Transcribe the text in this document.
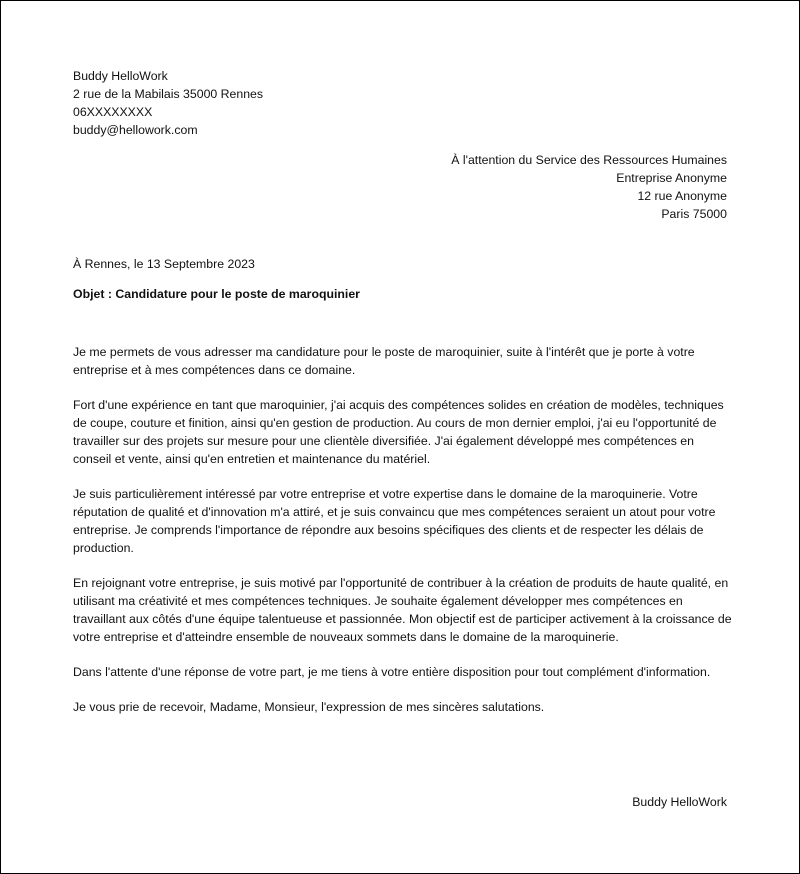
Buddy HelloWork
2 rue de la Mabilais 35000 Rennes
06XXXXXXXX
buddy@hellowork.com
À l'attention du Service des Ressources Humaines
Entreprise Anonyme
12 rue Anonyme
Paris 75000
À Rennes, le 13 Septembre 2023
Objet : Candidature pour le poste de maroquinier

Je me permets de vous adresser ma candidature pour le poste de maroquinier, suite à l'intérêt que je porte à votre entreprise et à mes compétences dans ce domaine.

Fort d'une expérience en tant que maroquinier, j'ai acquis des compétences solides en création de modèles, techniques de coupe, couture et finition, ainsi qu'en gestion de production. Au cours de mon dernier emploi, j'ai eu l'opportunité de travailler sur des projets sur mesure pour une clientèle diversifiée. J'ai également développé mes compétences en conseil et vente, ainsi qu'en entretien et maintenance du matériel.

Je suis particulièrement intéressé par votre entreprise et votre expertise dans le domaine de la maroquinerie. Votre réputation de qualité et d'innovation m'a attiré, et je suis convaincu que mes compétences seraient un atout pour votre entreprise. Je comprends l'importance de répondre aux besoins spécifiques des clients et de respecter les délais de production.

En rejoignant votre entreprise, je suis motivé par l'opportunité de contribuer à la création de produits de haute qualité, en utilisant ma créativité et mes compétences techniques. Je souhaite également développer mes compétences en travaillant aux côtés d'une équipe talentueuse et passionnée. Mon objectif est de participer activement à la croissance de votre entreprise et d'atteindre ensemble de nouveaux sommets dans le domaine de la maroquinerie.

Dans l'attente d'une réponse de votre part, je me tiens à votre entière disposition pour tout complément d'information.

Je vous prie de recevoir, Madame, Monsieur, l'expression de mes sincères salutations.

Buddy HelloWork
